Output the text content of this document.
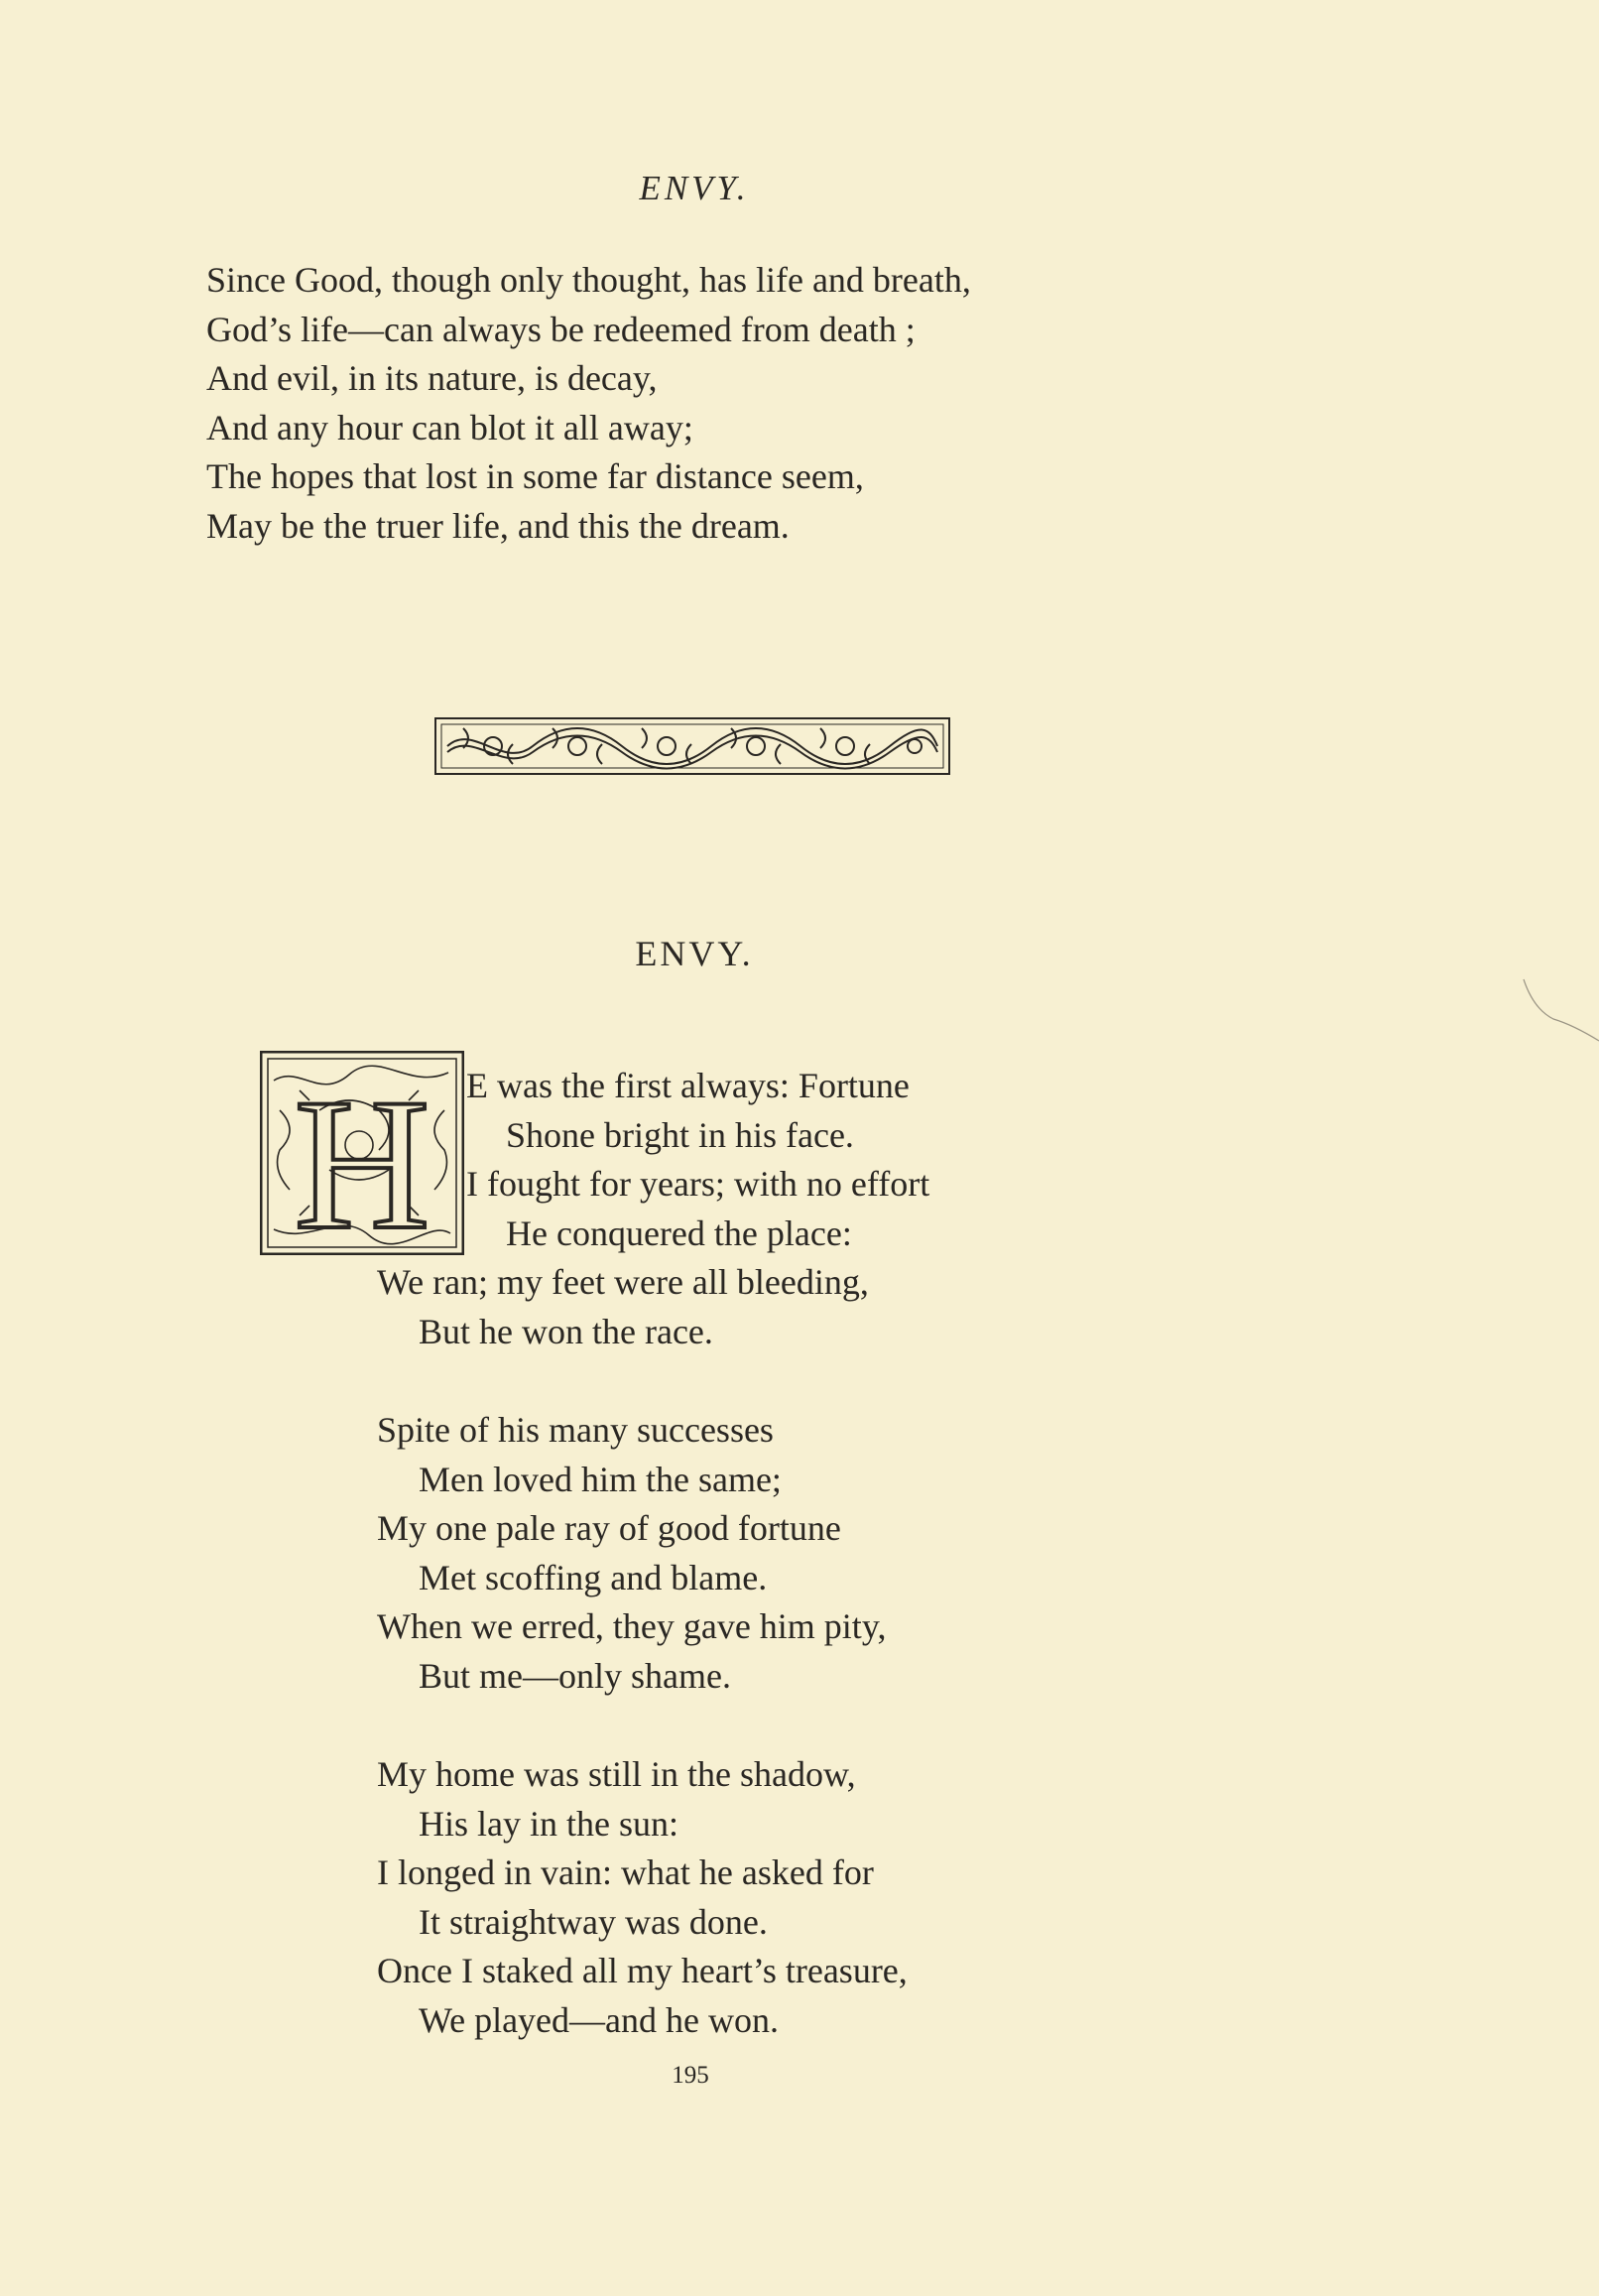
ENVY.
Since Good, though only thought, has life and breath,
God’s life—can always be redeemed from death ;
And evil, in its nature, is decay,
And any hour can blot it all away;
The hopes that lost in some far distance seem,
May be the truer life, and this the dream.
ENVY.
H E was the first always: Fortune
Shone bright in his face.
I fought for years; with no effort
He conquered the place:
We ran; my feet were all bleeding,
But he won the race.
Spite of his many successes
Men loved him the same;
My one pale ray of good fortune
Met scoffing and blame.
When we erred, they gave him pity,
But me—only shame.
My home was still in the shadow,
His lay in the sun:
I longed in vain: what he asked for
It straightway was done.
Once I staked all my heart’s treasure,
We played—and he won.
195
